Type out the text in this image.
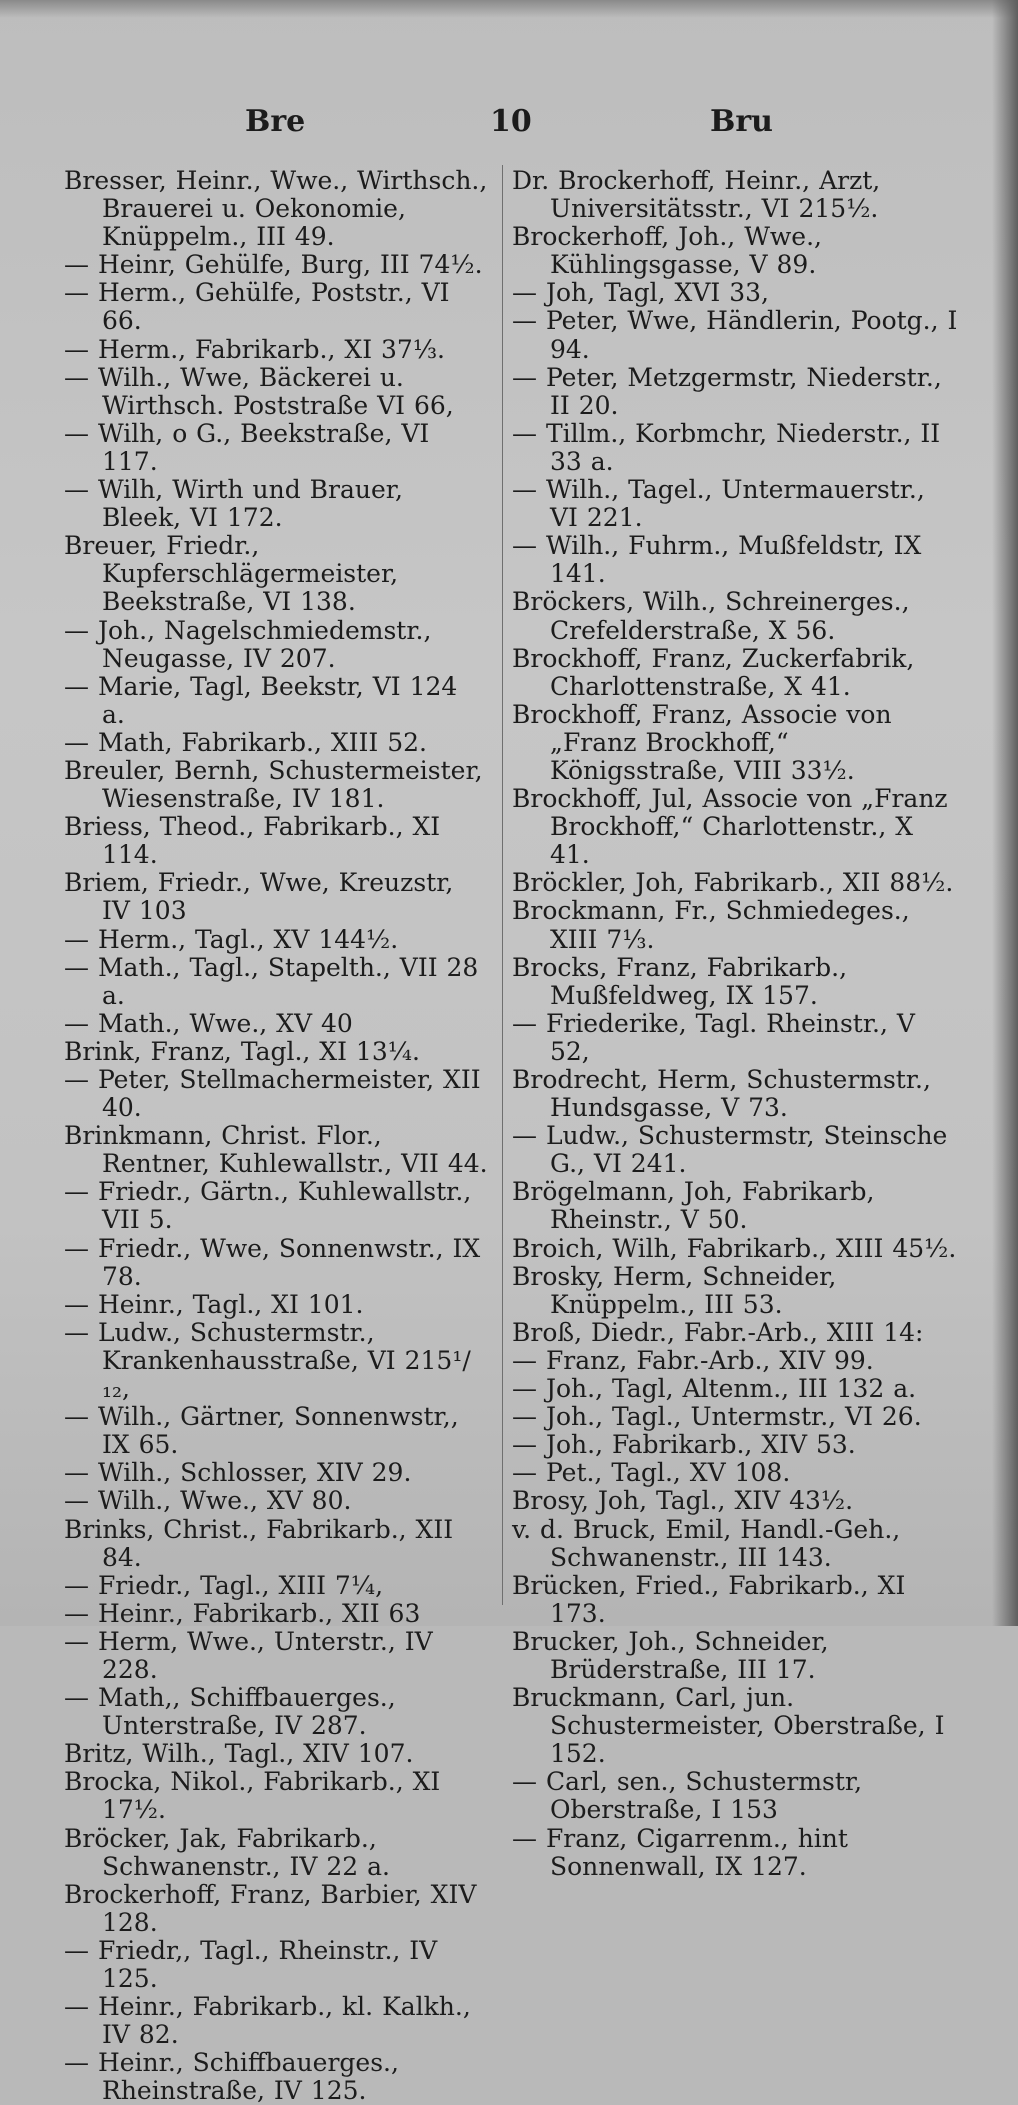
Bre	10	Bru
Bresser, Heinr., Wwe., Wirthsch., Brauerei u. Oekonomie, Knüppelm., III 49.
— Heinr, Gehülfe, Burg, III 74½.
— Herm., Gehülfe, Poststr., VI 66.
— Herm., Fabrikarb., XI 37⅓.
— Wilh., Wwe, Bäckerei u. Wirthsch. Poststraße VI 66,
— Wilh, o G., Beekstraße, VI 117.
— Wilh, Wirth und Brauer, Bleek, VI 172.
Breuer, Friedr., Kupferschlägermeister, Beekstraße, VI 138.
— Joh., Nagelschmiedemstr., Neugasse, IV 207.
— Marie, Tagl, Beekstr, VI 124 a.
— Math, Fabrikarb., XIII 52.
Breuler, Bernh, Schustermeister, Wiesenstraße, IV 181.
Briess, Theod., Fabrikarb., XI 114.
Briem, Friedr., Wwe, Kreuzstr, IV 103
— Herm., Tagl., XV 144½.
— Math., Tagl., Stapelth., VII 28 a.
— Math., Wwe., XV 40
Brink, Franz, Tagl., XI 13¼.
— Peter, Stellmachermeister, XII 40.
Brinkmann, Christ. Flor., Rentner, Kuhlewallstr., VII 44.
— Friedr., Gärtn., Kuhlewallstr., VII 5.
— Friedr., Wwe, Sonnenwstr., IX 78.
— Heinr., Tagl., XI 101.
— Ludw., Schustermstr., Krankenhausstraße, VI 215¹/₁₂,
— Wilh., Gärtner, Sonnenwstr,, IX 65.
— Wilh., Schlosser, XIV 29.
— Wilh., Wwe., XV 80.
Brinks, Christ., Fabrikarb., XII 84.
— Friedr., Tagl., XIII 7¼,
— Heinr., Fabrikarb., XII 63
— Herm, Wwe., Unterstr., IV 228.
— Math,, Schiffbauerges., Unterstraße, IV 287.
Britz, Wilh., Tagl., XIV 107.
Brocka, Nikol., Fabrikarb., XI 17½.
Bröcker, Jak, Fabrikarb., Schwanenstr., IV 22 a.
Brockerhoff, Franz, Barbier, XIV 128.
— Friedr,, Tagl., Rheinstr., IV 125.
— Heinr., Fabrikarb., kl. Kalkh., IV 82.
— Heinr., Schiffbauerges., Rheinstraße, IV 125.
Dr. Brockerhoff, Heinr., Arzt, Universitätsstr., VI 215½.
Brockerhoff, Joh., Wwe., Kühlingsgasse, V 89.
— Joh, Tagl, XVI 33,
— Peter, Wwe, Händlerin, Pootg., I 94.
— Peter, Metzgermstr, Niederstr., II 20.
— Tillm., Korbmchr, Niederstr., II 33 a.
— Wilh., Tagel., Untermauerstr., VI 221.
— Wilh., Fuhrm., Mußfeldstr, IX 141.
Bröckers, Wilh., Schreinerges., Crefelderstraße, X 56.
Brockhoff, Franz, Zuckerfabrik, Charlottenstraße, X 41.
Brockhoff, Franz, Associe von „Franz Brockhoff,“ Königsstraße, VIII 33½.
Brockhoff, Jul, Associe von „Franz Brockhoff,“ Charlottenstr., X 41.
Bröckler, Joh, Fabrikarb., XII 88½.
Brockmann, Fr., Schmiedeges., XIII 7⅓.
Brocks, Franz, Fabrikarb., Mußfeldweg, IX 157.
— Friederike, Tagl. Rheinstr., V 52,
Brodrecht, Herm, Schustermstr., Hundsgasse, V 73.
— Ludw., Schustermstr, Steinsche G., VI 241.
Brögelmann, Joh, Fabrikarb, Rheinstr., V 50.
Broich, Wilh, Fabrikarb., XIII 45½.
Brosky, Herm, Schneider, Knüppelm., III 53.
Broß, Diedr., Fabr.-Arb., XIII 14:
— Franz, Fabr.-Arb., XIV 99.
— Joh., Tagl, Altenm., III 132 a.
— Joh., Tagl., Untermstr., VI 26.
— Joh., Fabrikarb., XIV 53.
— Pet., Tagl., XV 108.
Brosy, Joh, Tagl., XIV 43½.
v. d. Bruck, Emil, Handl.-Geh., Schwanenstr., III 143.
Brücken, Fried., Fabrikarb., XI 173.
Brucker, Joh., Schneider, Brüderstraße, III 17.
Bruckmann, Carl, jun. Schustermeister, Oberstraße, I 152.
— Carl, sen., Schustermstr, Oberstraße, I 153
— Franz, Cigarrenm., hint Sonnenwall, IX 127.
